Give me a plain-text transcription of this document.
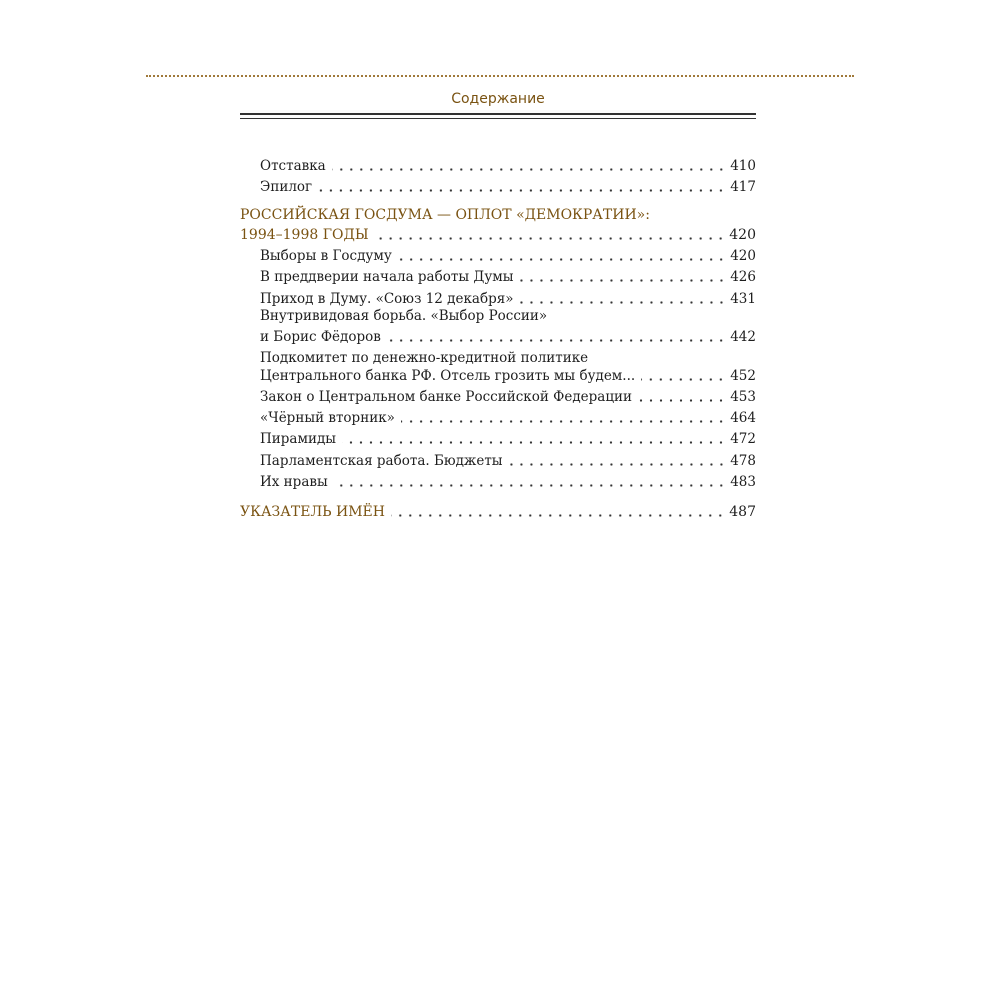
Содержание
Отставка	410
Эпилог	417
РОССИЙСКАЯ ГОСДУМА — ОПЛОТ «ДЕМОКРАТИИ»:
1994–1998 ГОДЫ	420
Выборы в Госдуму	420
В преддверии начала работы Думы	426
Приход в Думу. «Союз 12 декабря»	431
Внутривидовая борьба. «Выбор России»
и Борис Фёдоров	442
Подкомитет по денежно-кредитной политике
Центрального банка РФ. Отсель грозить мы будем...	452
Закон о Центральном банке Российской Федерации	453
«Чёрный вторник»	464
Пирамиды	472
Парламентская работа. Бюджеты	478
Их нравы	483
УКАЗАТЕЛЬ ИМЁН	487
